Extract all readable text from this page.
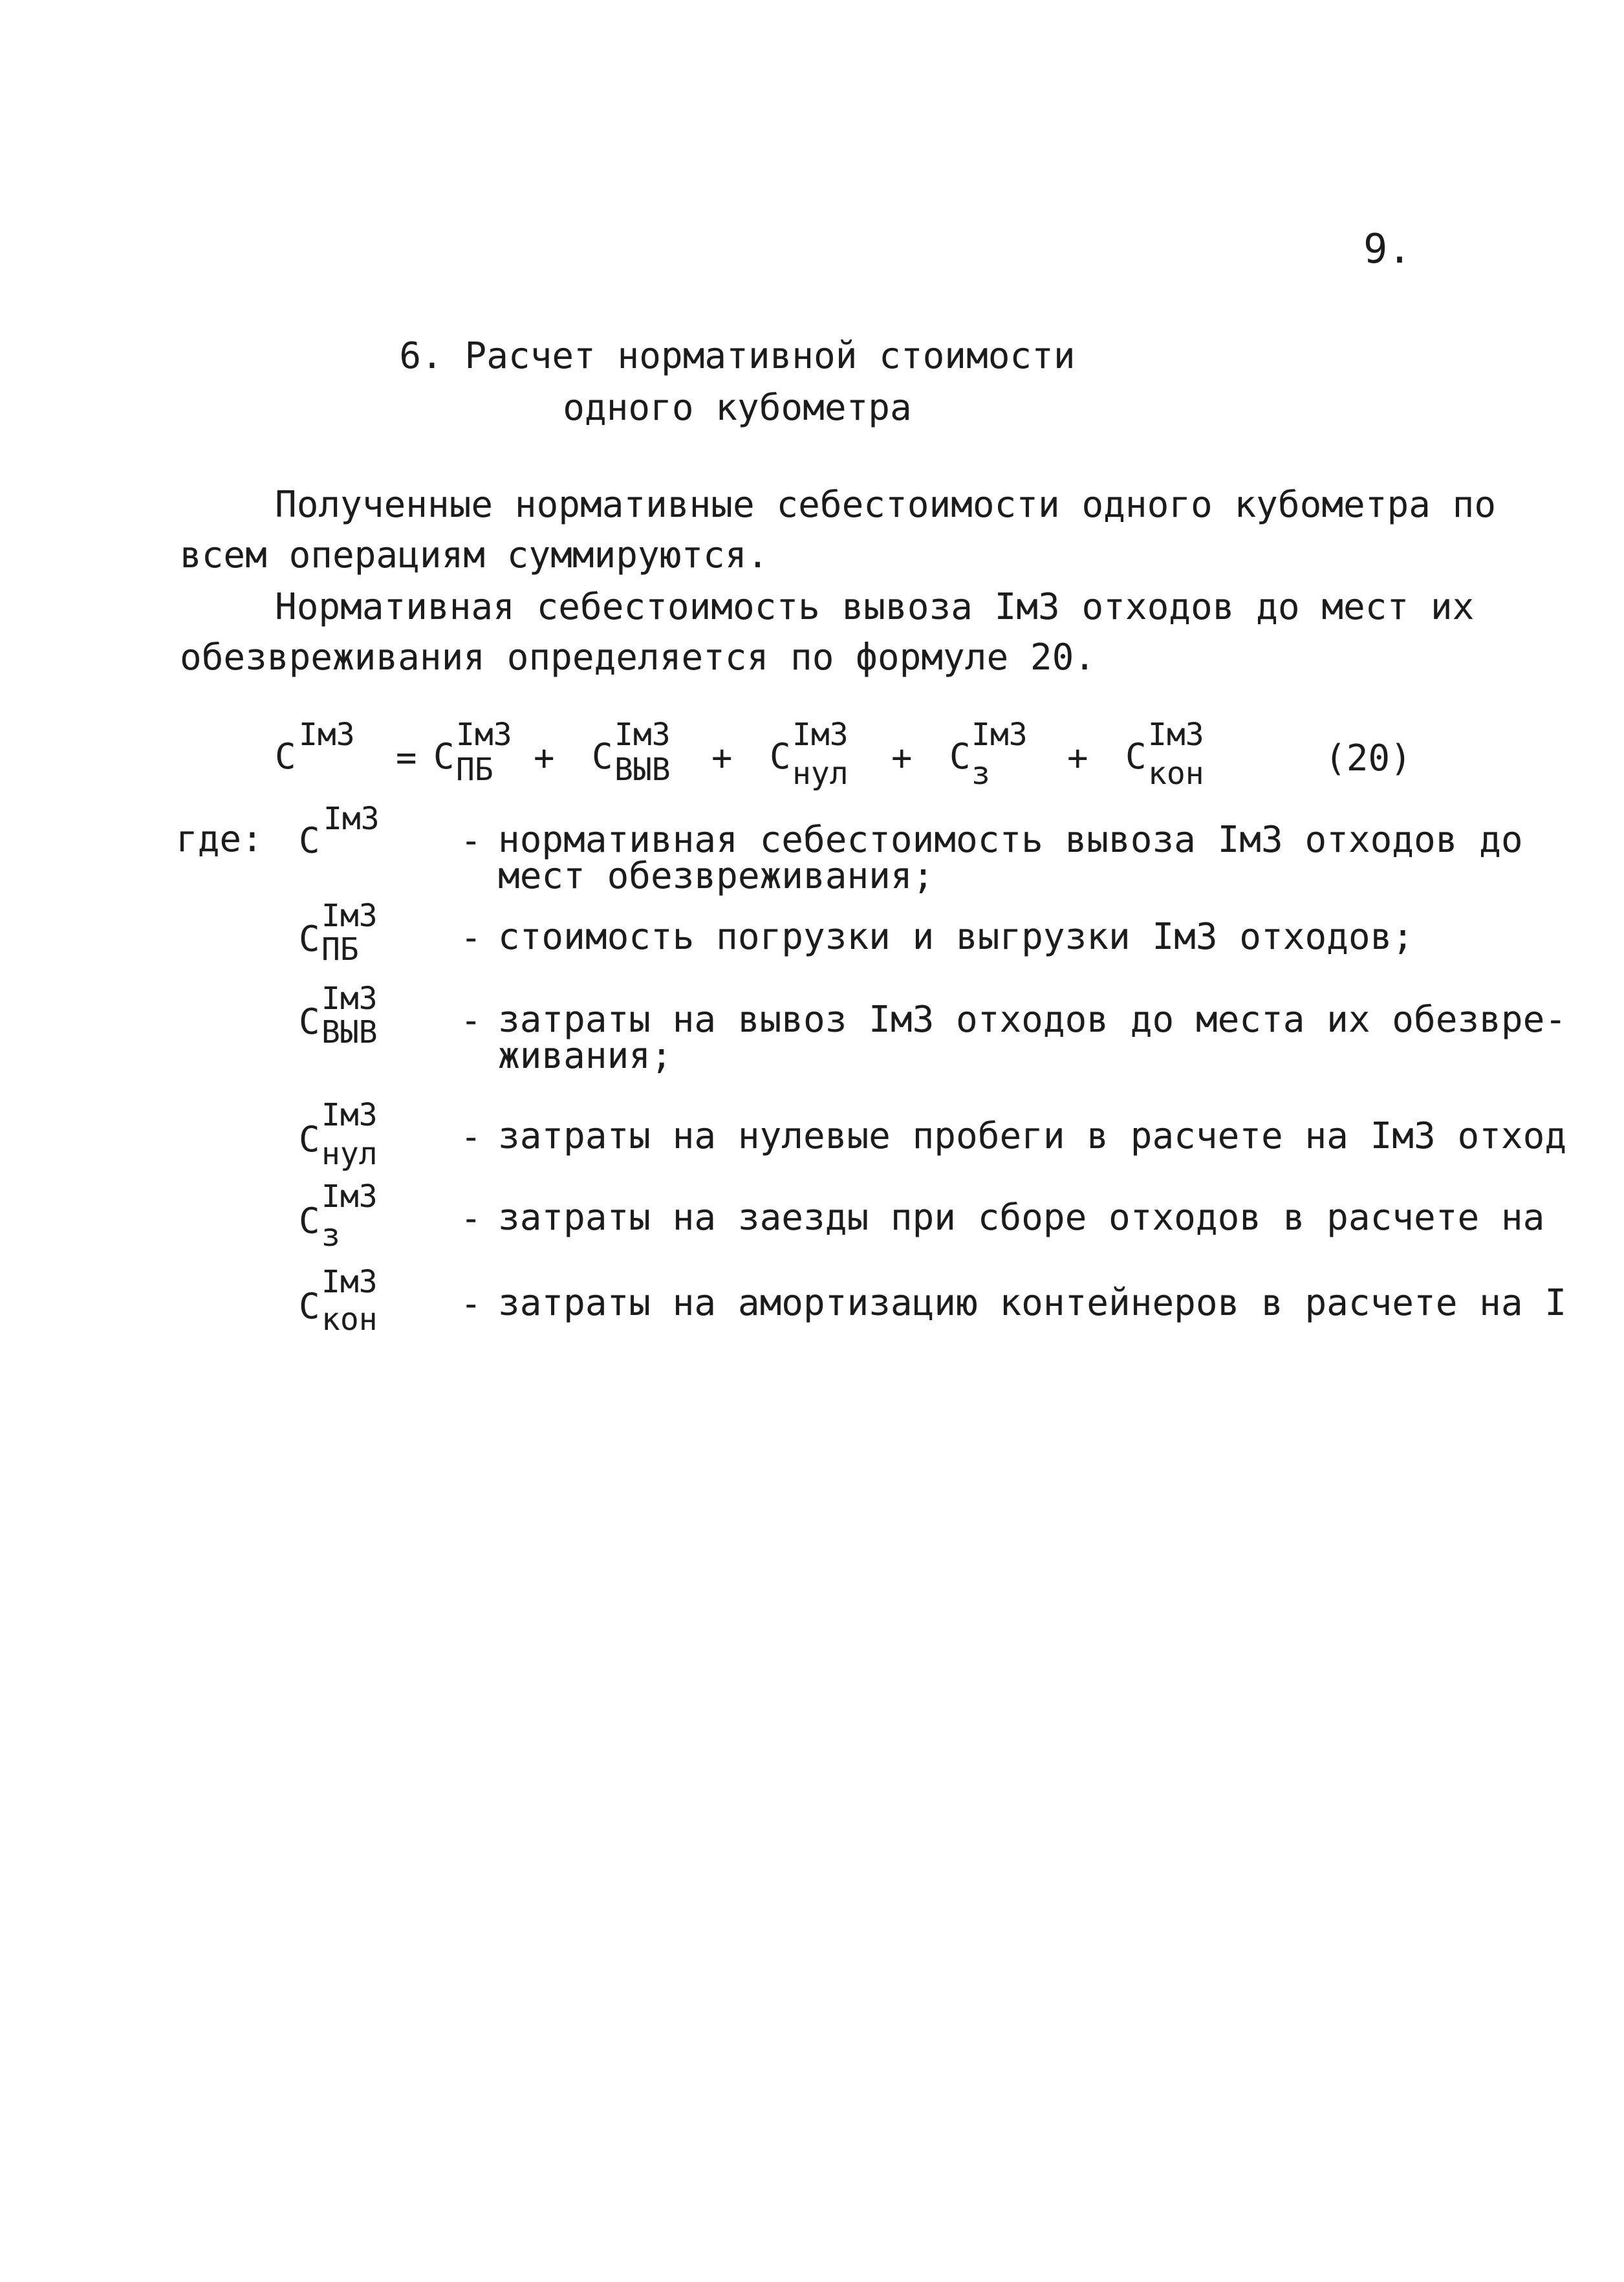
9.
6. Расчет нормативной стоимости
одного кубометра
Полученные нормативные себестоимости одного кубометра по
всем операциям суммируются.
Нормативная себестоимость вывоза Iм3 отходов до мест их
обезвреживания определяется по формуле 20.
C
Iм3
= C
Iм3
ПБ + C
Iм3
ВЫВ + C
Iм3
нул + C
Iм3
з + C
Iм3
кон	(20)
где: C
Iм3
- нормативная себестоимость вывоза Iм3 отходов до
мест обезвреживания;
C
Iм3
ПБ	- стоимость погрузки и выгрузки Iм3 отходов;
C
Iм3
ВЫВ - затраты на вывоз Iм3 отходов до места их обезвре-
живания;
C
Iм3
нул - затраты на нулевые пробеги в расчете на Iм3 отход
C
Iм3
з	- затраты на заезды при сборе отходов в расчете на
C
Iм3
кон - затраты на амортизацию контейнеров в расчете на I
